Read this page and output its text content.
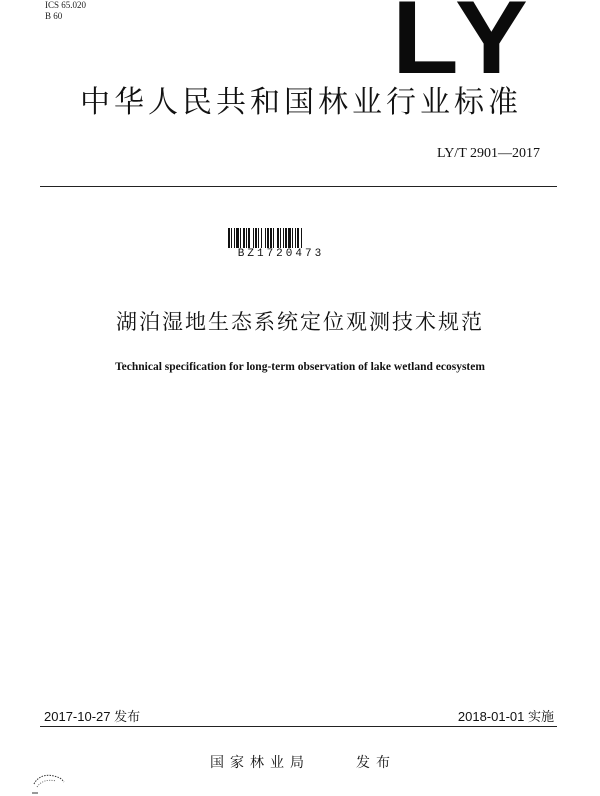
ICS 65.020
B 60	LY
中华人民共和国林业行业标准
LY/T 2901—2017
BZ1720473
湖泊湿地生态系统定位观测技术规范
Technical specification for long-term observation of lake wetland ecosystem
2017-10-27 发布	2018-01-01 实施
国家林业局	发布
